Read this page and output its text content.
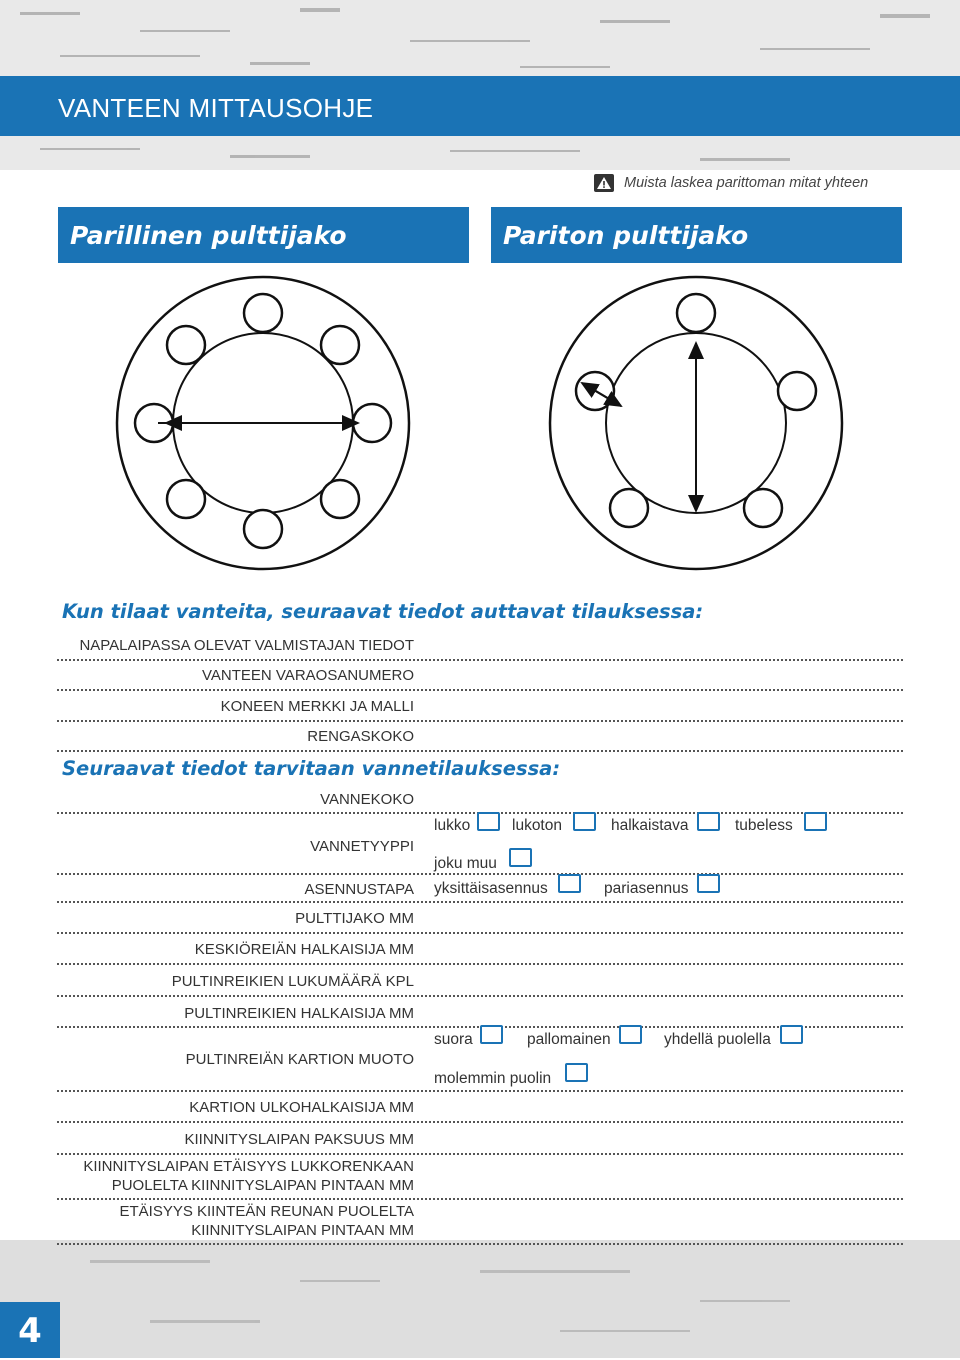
VANTEEN MITTAUSOHJE
Muista laskea parittoman mitat yhteen
Parillinen pulttijako	Pariton pulttijako
Kun tilaat vanteita, seuraavat tiedot auttavat tilauksessa:
NAPALAIPASSA OLEVAT VALMISTAJAN TIEDOT
VANTEEN VARAOSANUMERO
KONEEN MERKKI JA MALLI
RENGASKOKO
Seuraavat tiedot tarvitaan vannetilauksessa:
VANNEKOKO
VANNETYYPPI
lukko	lukoton	halkaistava	tubeless
joku muu
ASENNUSTAPA yksittäisasennus	pariasennus
PULTTIJAKO MM
KESKIÖREIÄN HALKAISIJA MM
PULTINREIKIEN LUKUMÄÄRÄ KPL
PULTINREIKIEN HALKAISIJA MM
PULTINREIÄN KARTION MUOTO
suora	pallomainen	yhdellä puolella
molemmin puolin
KARTION ULKOHALKAISIJA MM
KIINNITYSLAIPAN PAKSUUS MM
KIINNITYSLAIPAN ETÄISYYS LUKKORENKAAN
PUOLELTA KIINNITYSLAIPAN PINTAAN MM
ETÄISYYS KIINTEÄN REUNAN PUOLELTA
KIINNITYSLAIPAN PINTAAN MM
4
